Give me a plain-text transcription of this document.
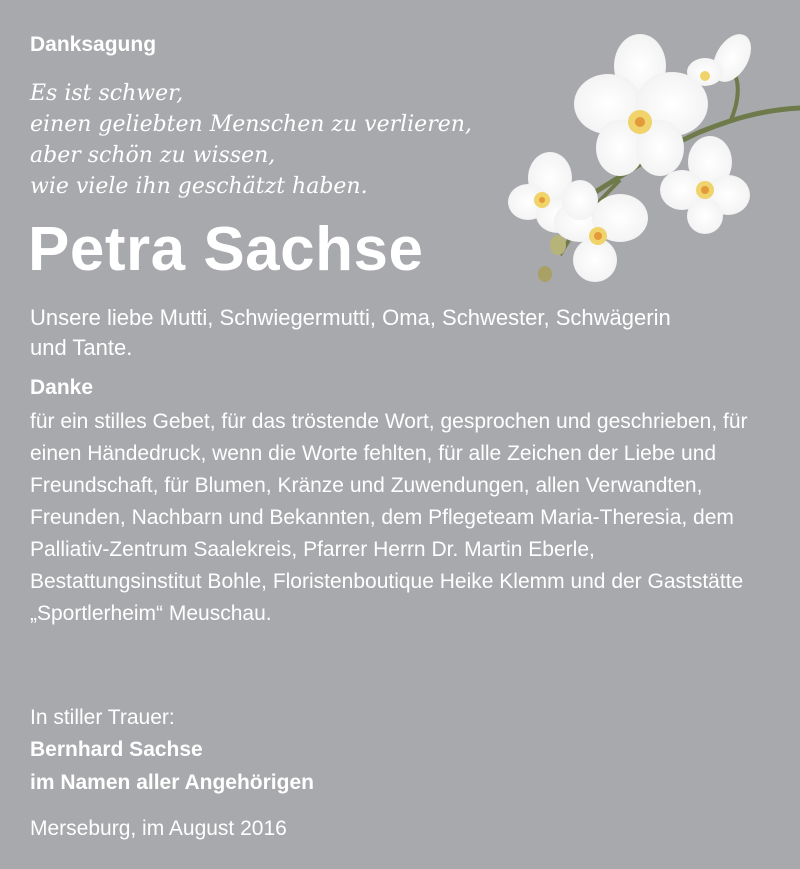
Danksagung
Es ist schwer,
einen geliebten Menschen zu verlieren,
aber schön zu wissen,
wie viele ihn geschätzt haben.
Petra Sachse
Unsere liebe Mutti, Schwiegermutti, Oma, Schwester, Schwägerin und Tante.
Danke
für ein stilles Gebet, für das tröstende Wort, gesprochen und geschrieben, für einen Händedruck, wenn die Worte fehlten, für alle Zeichen der Liebe und Freundschaft, für Blumen, Kränze und Zuwendungen, allen Verwandten, Freunden, Nachbarn und Bekannten, dem Pflegeteam Maria-Theresia, dem Palliativ-Zentrum Saalekreis, Pfarrer Herrn Dr. Martin Eberle, Bestattungsinstitut Bohle, Floristenboutique Heike Klemm und der Gaststätte „Sportlerheim“ Meuschau.
In stiller Trauer:
Bernhard Sachse
im Namen aller Angehörigen
Merseburg, im August 2016
